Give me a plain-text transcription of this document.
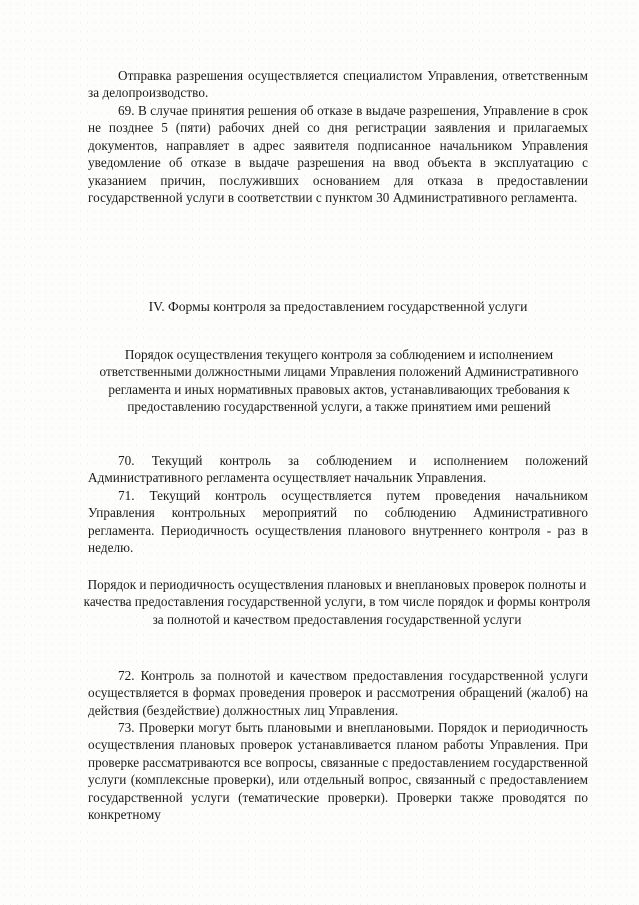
Отправка разрешения осуществляется специалистом Управления, ответственным за делопроизводство.

69. В случае принятия решения об отказе в выдаче разрешения, Управление в срок не позднее 5 (пяти) рабочих дней со дня регистрации заявления и прилагаемых документов, направляет в адрес заявителя подписанное начальником Управления уведомление об отказе в выдаче разрешения на ввод объекта в эксплуатацию с указанием причин, послуживших основанием для отказа в предоставлении государственной услуги в соответствии с пунктом 30 Административного регламента.

IV. Формы контроля за предоставлением государственной услуги

Порядок осуществления текущего контроля за соблюдением и исполнением ответственными должностными лицами Управления положений Административного регламента и иных нормативных правовых актов, устанавливающих требования к предоставлению государственной услуги, а также принятием ими решений

70. Текущий контроль за соблюдением и исполнением положений Административного регламента осуществляет начальник Управления.

71. Текущий контроль осуществляется путем проведения начальником Управления контрольных мероприятий по соблюдению Административного регламента. Периодичность осуществления планового внутреннего контроля - раз в неделю.

Порядок и периодичность осуществления плановых и внеплановых проверок полноты и качества предоставления государственной услуги, в том числе порядок и формы контроля за полнотой и качеством предоставления государственной услуги

72. Контроль за полнотой и качеством предоставления государственной услуги осуществляется в формах проведения проверок и рассмотрения обращений (жалоб) на действия (бездействие) должностных лиц Управления.

73. Проверки могут быть плановыми и внеплановыми. Порядок и периодичность осуществления плановых проверок устанавливается планом работы Управления. При проверке рассматриваются все вопросы, связанные с предоставлением государственной услуги (комплексные проверки), или отдельный вопрос, связанный с предоставлением государственной услуги (тематические проверки). Проверки также проводятся по конкретному
